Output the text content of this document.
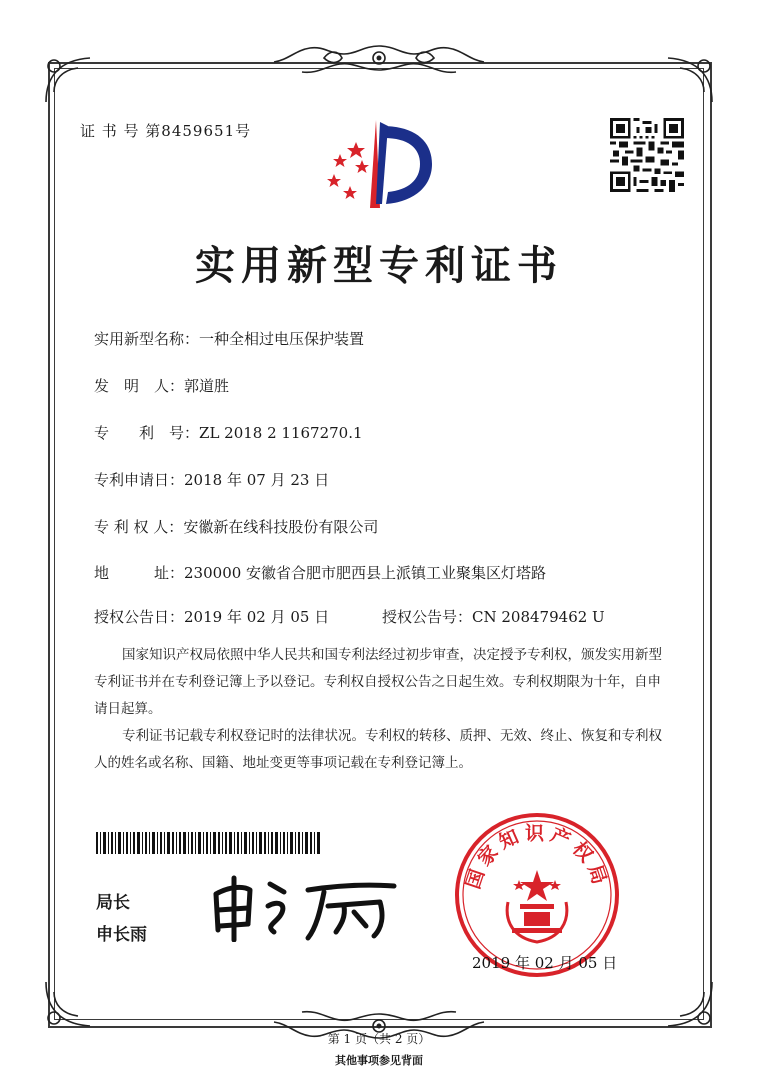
证 书 号 第8459651号
实用新型专利证书
实用新型名称：一种全相过电压保护装置
发　明　人：郭道胜
专　　利　号：ZL 2018 2 1167270.1
专利申请日：2018 年 07 月 23 日
专 利 权 人：安徽新在线科技股份有限公司
地　　　址：230000 安徽省合肥市肥西县上派镇工业聚集区灯塔路
授权公告日：2019 年 02 月 05 日	授权公告号：CN 208479462 U

国家知识产权局依照中华人民共和国专利法经过初步审查，决定授予专利权，颁发实用新型专利证书并在专利登记簿上予以登记。专利权自授权公告之日起生效。专利权期限为十年，自申请日起算。

专利证书记载专利权登记时的法律状况。专利权的转移、质押、无效、终止、恢复和专利权人的姓名或名称、国籍、地址变更等事项记载在专利登记簿上。

局长
申长雨
国家知识产权局
2019 年 02 月 05 日
第 1 页（共 2 页）
其他事项参见背面
